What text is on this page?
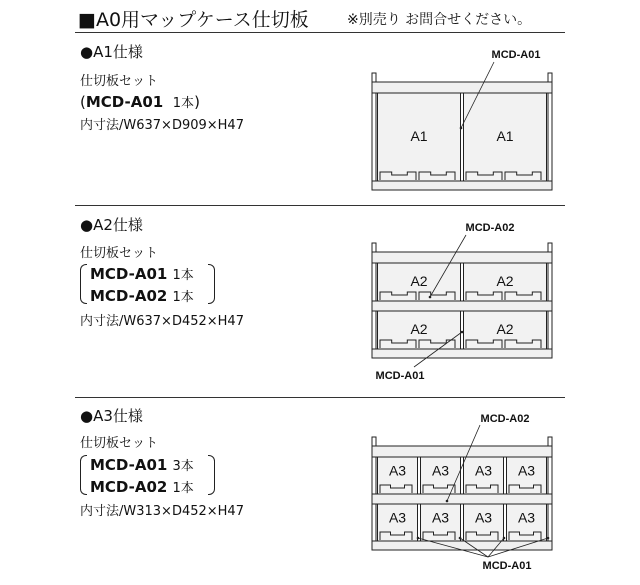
■A0用マップケース仕切板	※別売り お問合せください。
●A1仕様
仕切板セット
(MCD-A01 1本)
内寸法/W637×D909×H47
●A2仕様
仕切板セット
MCD-A01 1本
MCD-A02 1本
内寸法/W637×D452×H47
●A3仕様
仕切板セット
MCD-A01 3本
MCD-A02 1本
内寸法/W313×D452×H47
A1	A1
MCD-A01
A2	A2
A2	A2
MCD-A02
MCD-A01
A3 A3 A3 A3
A3 A3 A3 A3
MCD-A02
MCD-A01
